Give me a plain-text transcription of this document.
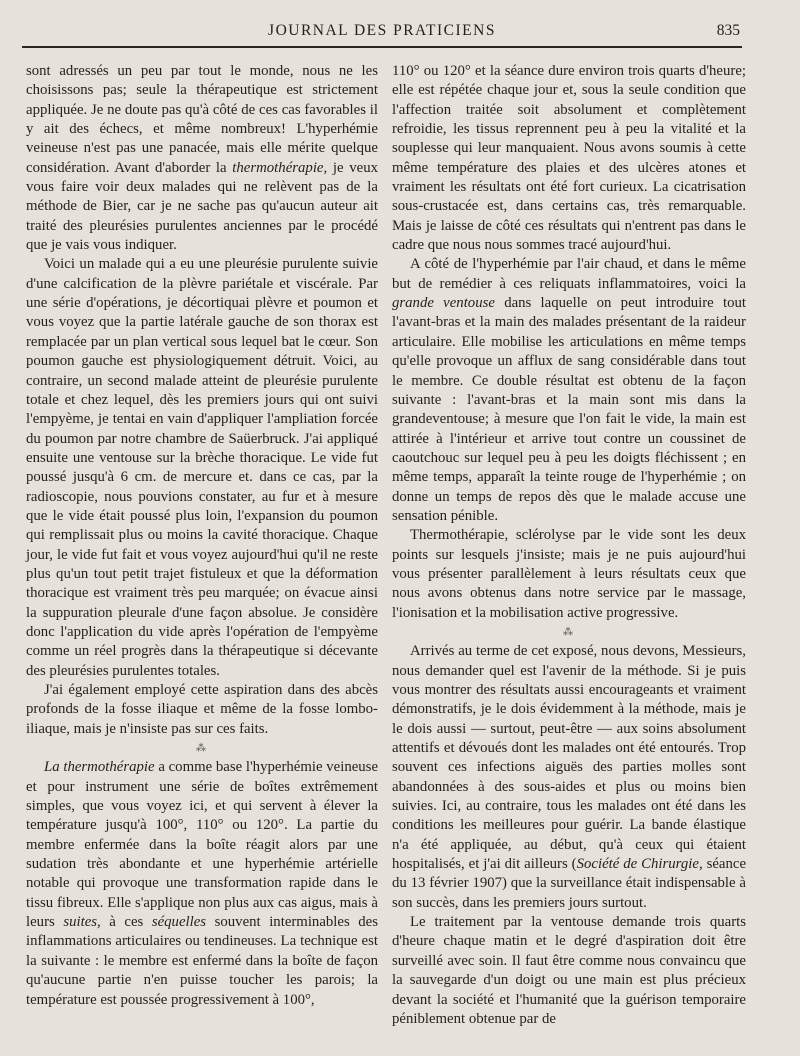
JOURNAL DES PRATICIENS	835

sont adressés un peu par tout le monde, nous ne les choisissons pas; seule la thérapeutique est strictement appliquée. Je ne doute pas qu'à côté de ces cas favorables il y ait des échecs, et même nombreux! L'hyperhémie veineuse n'est pas une panacée, mais elle mérite quelque considération. Avant d'aborder la thermothérapie, je veux vous faire voir deux malades qui ne relèvent pas de la méthode de Bier, car je ne sache pas qu'aucun auteur ait traité des pleurésies purulentes anciennes par le procédé que je vais vous indiquer.

Voici un malade qui a eu une pleurésie purulente suivie d'une calcification de la plèvre pariétale et viscérale. Par une série d'opérations, je décortiquai plèvre et poumon et vous voyez que la partie latérale gauche de son thorax est remplacée par un plan vertical sous lequel bat le cœur. Son poumon gauche est physiologiquement détruit. Voici, au contraire, un second malade atteint de pleurésie purulente totale et chez lequel, dès les premiers jours qui ont suivi l'empyème, je tentai en vain d'appliquer l'ampliation forcée du poumon par notre chambre de Saüerbruck. J'ai appliqué ensuite une ventouse sur la brèche thoracique. Le vide fut poussé jusqu'à 6 cm. de mercure et. dans ce cas, par la radioscopie, nous pouvions constater, au fur et à mesure que le vide était poussé plus loin, l'expansion du poumon qui remplissait plus ou moins la cavité thoracique. Chaque jour, le vide fut fait et vous voyez aujourd'hui qu'il ne reste plus qu'un tout petit trajet fistuleux et que la déformation thoracique est vraiment très peu marquée; on évacue ainsi la suppuration pleurale d'une façon absolue. Je considère donc l'application du vide après l'opération de l'empyème comme un réel progrès dans la thérapeutique si décevante des pleurésies purulentes totales.

J'ai également employé cette aspiration dans des abcès profonds de la fosse iliaque et même de la fosse lombo-iliaque, mais je n'insiste pas sur ces faits.

⁂

La thermothérapie a comme base l'hyperhémie veineuse et pour instrument une série de boîtes extrêmement simples, que vous voyez ici, et qui servent à élever la température jusqu'à 100°, 110° ou 120°. La partie du membre enfermée dans la boîte réagit alors par une sudation très abondante et une hyperhémie artérielle notable qui provoque une transformation rapide dans le tissu fibreux. Elle s'applique non plus aux cas aigus, mais à leurs suites, à ces séquelles souvent interminables des inflammations articulaires ou tendineuses. La technique est la suivante : le membre est enfermé dans la boîte de façon qu'aucune partie n'en puisse toucher les parois; la température est poussée progressivement à 100°,

110° ou 120° et la séance dure environ trois quarts d'heure; elle est répétée chaque jour et, sous la seule condition que l'affection traitée soit absolument et complètement refroidie, les tissus reprennent peu à peu la vitalité et la souplesse qui leur manquaient. Nous avons soumis à cette même température des plaies et des ulcères atones et vraiment les résultats ont été fort curieux. La cicatrisation sous-crustacée est, dans certains cas, très remarquable. Mais je laisse de côté ces résultats qui n'entrent pas dans le cadre que nous nous sommes tracé aujourd'hui.

A côté de l'hyperhémie par l'air chaud, et dans le même but de remédier à ces reliquats inflammatoires, voici la grande ventouse dans laquelle on peut introduire tout l'avant-bras et la main des malades présentant de la raideur articulaire. Elle mobilise les articulations en même temps qu'elle provoque un afflux de sang considérable dans tout le membre. Ce double résultat est obtenu de la façon suivante : l'avant-bras et la main sont mis dans la grandeventouse; à mesure que l'on fait le vide, la main est attirée à l'intérieur et arrive tout contre un coussinet de caoutchouc sur lequel peu à peu les doigts fléchissent ; en même temps, apparaît la teinte rouge de l'hyperhémie ; on donne un temps de repos dès que le malade accuse une sensation pénible.

Thermothérapie, sclérolyse par le vide sont les deux points sur lesquels j'insiste; mais je ne puis aujourd'hui vous présenter parallèlement à leurs résultats ceux que nous avons obtenus dans notre service par le massage, l'ionisation et la mobilisation active progressive.

⁂

Arrivés au terme de cet exposé, nous devons, Messieurs, nous demander quel est l'avenir de la méthode. Si je puis vous montrer des résultats aussi encourageants et vraiment démonstratifs, je le dois évidemment à la méthode, mais je le dois aussi — surtout, peut-être — aux soins absolument attentifs et dévoués dont les malades ont été entourés. Trop souvent ces infections aiguës des parties molles sont abandonnées à des sous-aides et plus ou moins bien suivies. Ici, au contraire, tous les malades ont été dans les conditions les meilleures pour guérir. La bande élastique n'a été appliquée, au début, qu'à ceux qui étaient hospitalisés, et j'ai dit ailleurs (Société de Chirurgie, séance du 13 février 1907) que la surveillance était indispensable à son succès, dans les premiers jours surtout.

Le traitement par la ventouse demande trois quarts d'heure chaque matin et le degré d'aspiration doit être surveillé avec soin. Il faut être comme nous convaincu que la sauvegarde d'un doigt ou une main est plus précieux devant la société et l'humanité que la guérison temporaire péniblement obtenue par de
